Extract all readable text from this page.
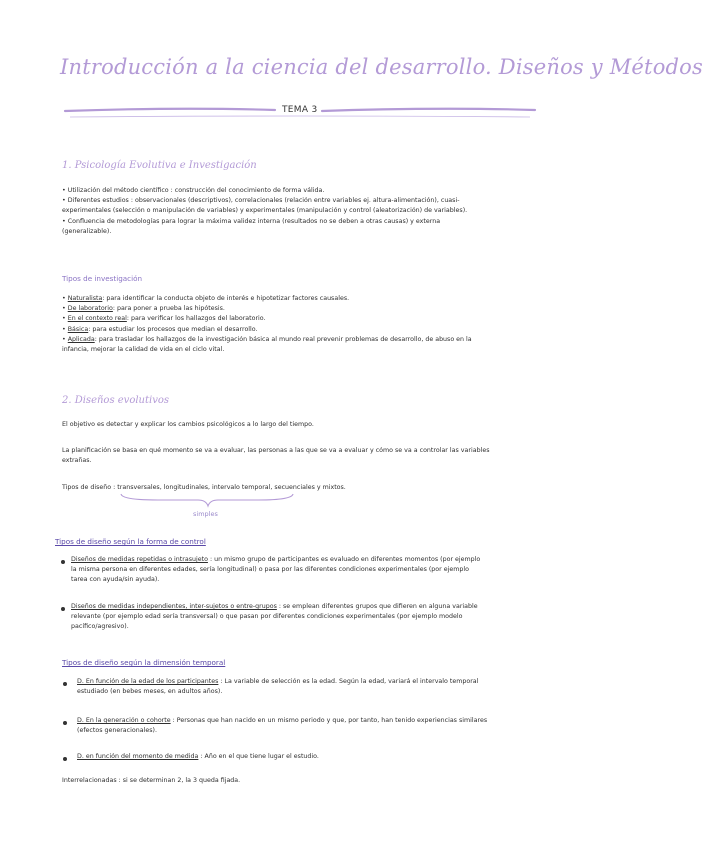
Introducción a la ciencia del desarrollo. Diseños y Métodos
TEMA 3
1. Psicología Evolutiva e Investigación
• Utilización del método científico : construcción del conocimiento de forma válida.
• Diferentes estudios : observacionales (descriptivos), correlacionales (relación entre variables ej. altura-alimentación), cuasi-
experimentales (selección o manipulación de variables) y experimentales (manipulación y control (aleatorización) de variables).
• Confluencia de metodologías para lograr la máxima validez interna (resultados no se deben a otras causas) y externa
(generalizable).
Tipos de investigación
• Naturalista: para identificar la conducta objeto de interés e hipotetizar factores causales.
• De laboratorio: para poner a prueba las hipótesis.
• En el contexto real: para verificar los hallazgos del laboratorio.
• Básica: para estudiar los procesos que median el desarrollo.
• Aplicada: para trasladar los hallazgos de la investigación básica al mundo real prevenir problemas de desarrollo, de abuso en la
infancia, mejorar la calidad de vida en el ciclo vital.
2. Diseños evolutivos
El objetivo es detectar y explicar los cambios psicológicos a lo largo del tiempo.
La planificación se basa en qué momento se va a evaluar, las personas a las que se va a evaluar y cómo se va a controlar las variables
extrañas.
Tipos de diseño : transversales, longitudinales, intervalo temporal, secuenciales y mixtos.
simples
Tipos de diseño según la forma de control
Diseños de medidas repetidas o intrasujeto : un mismo grupo de participantes es evaluado en diferentes momentos (por ejemplo
la misma persona en diferentes edades, sería longitudinal) o pasa por las diferentes condiciones experimentales (por ejemplo
tarea con ayuda/sin ayuda).
Diseños de medidas independientes, inter-sujetos o entre-grupos : se emplean diferentes grupos que difieren en alguna variable
relevante (por ejemplo edad sería transversal) o que pasan por diferentes condiciones experimentales (por ejemplo modelo
pacífico/agresivo).
Tipos de diseño según la dimensión temporal
D. En función de la edad de los participantes : La variable de selección es la edad. Según la edad, variará el intervalo temporal
estudiado (en bebes meses, en adultos años).
D. En la generación o cohorte : Personas que han nacido en un mismo periodo y que, por tanto, han tenido experiencias similares
(efectos generacionales).
D. en función del momento de medida : Año en el que tiene lugar el estudio.
Interrelacionadas : si se determinan 2, la 3 queda fijada.
